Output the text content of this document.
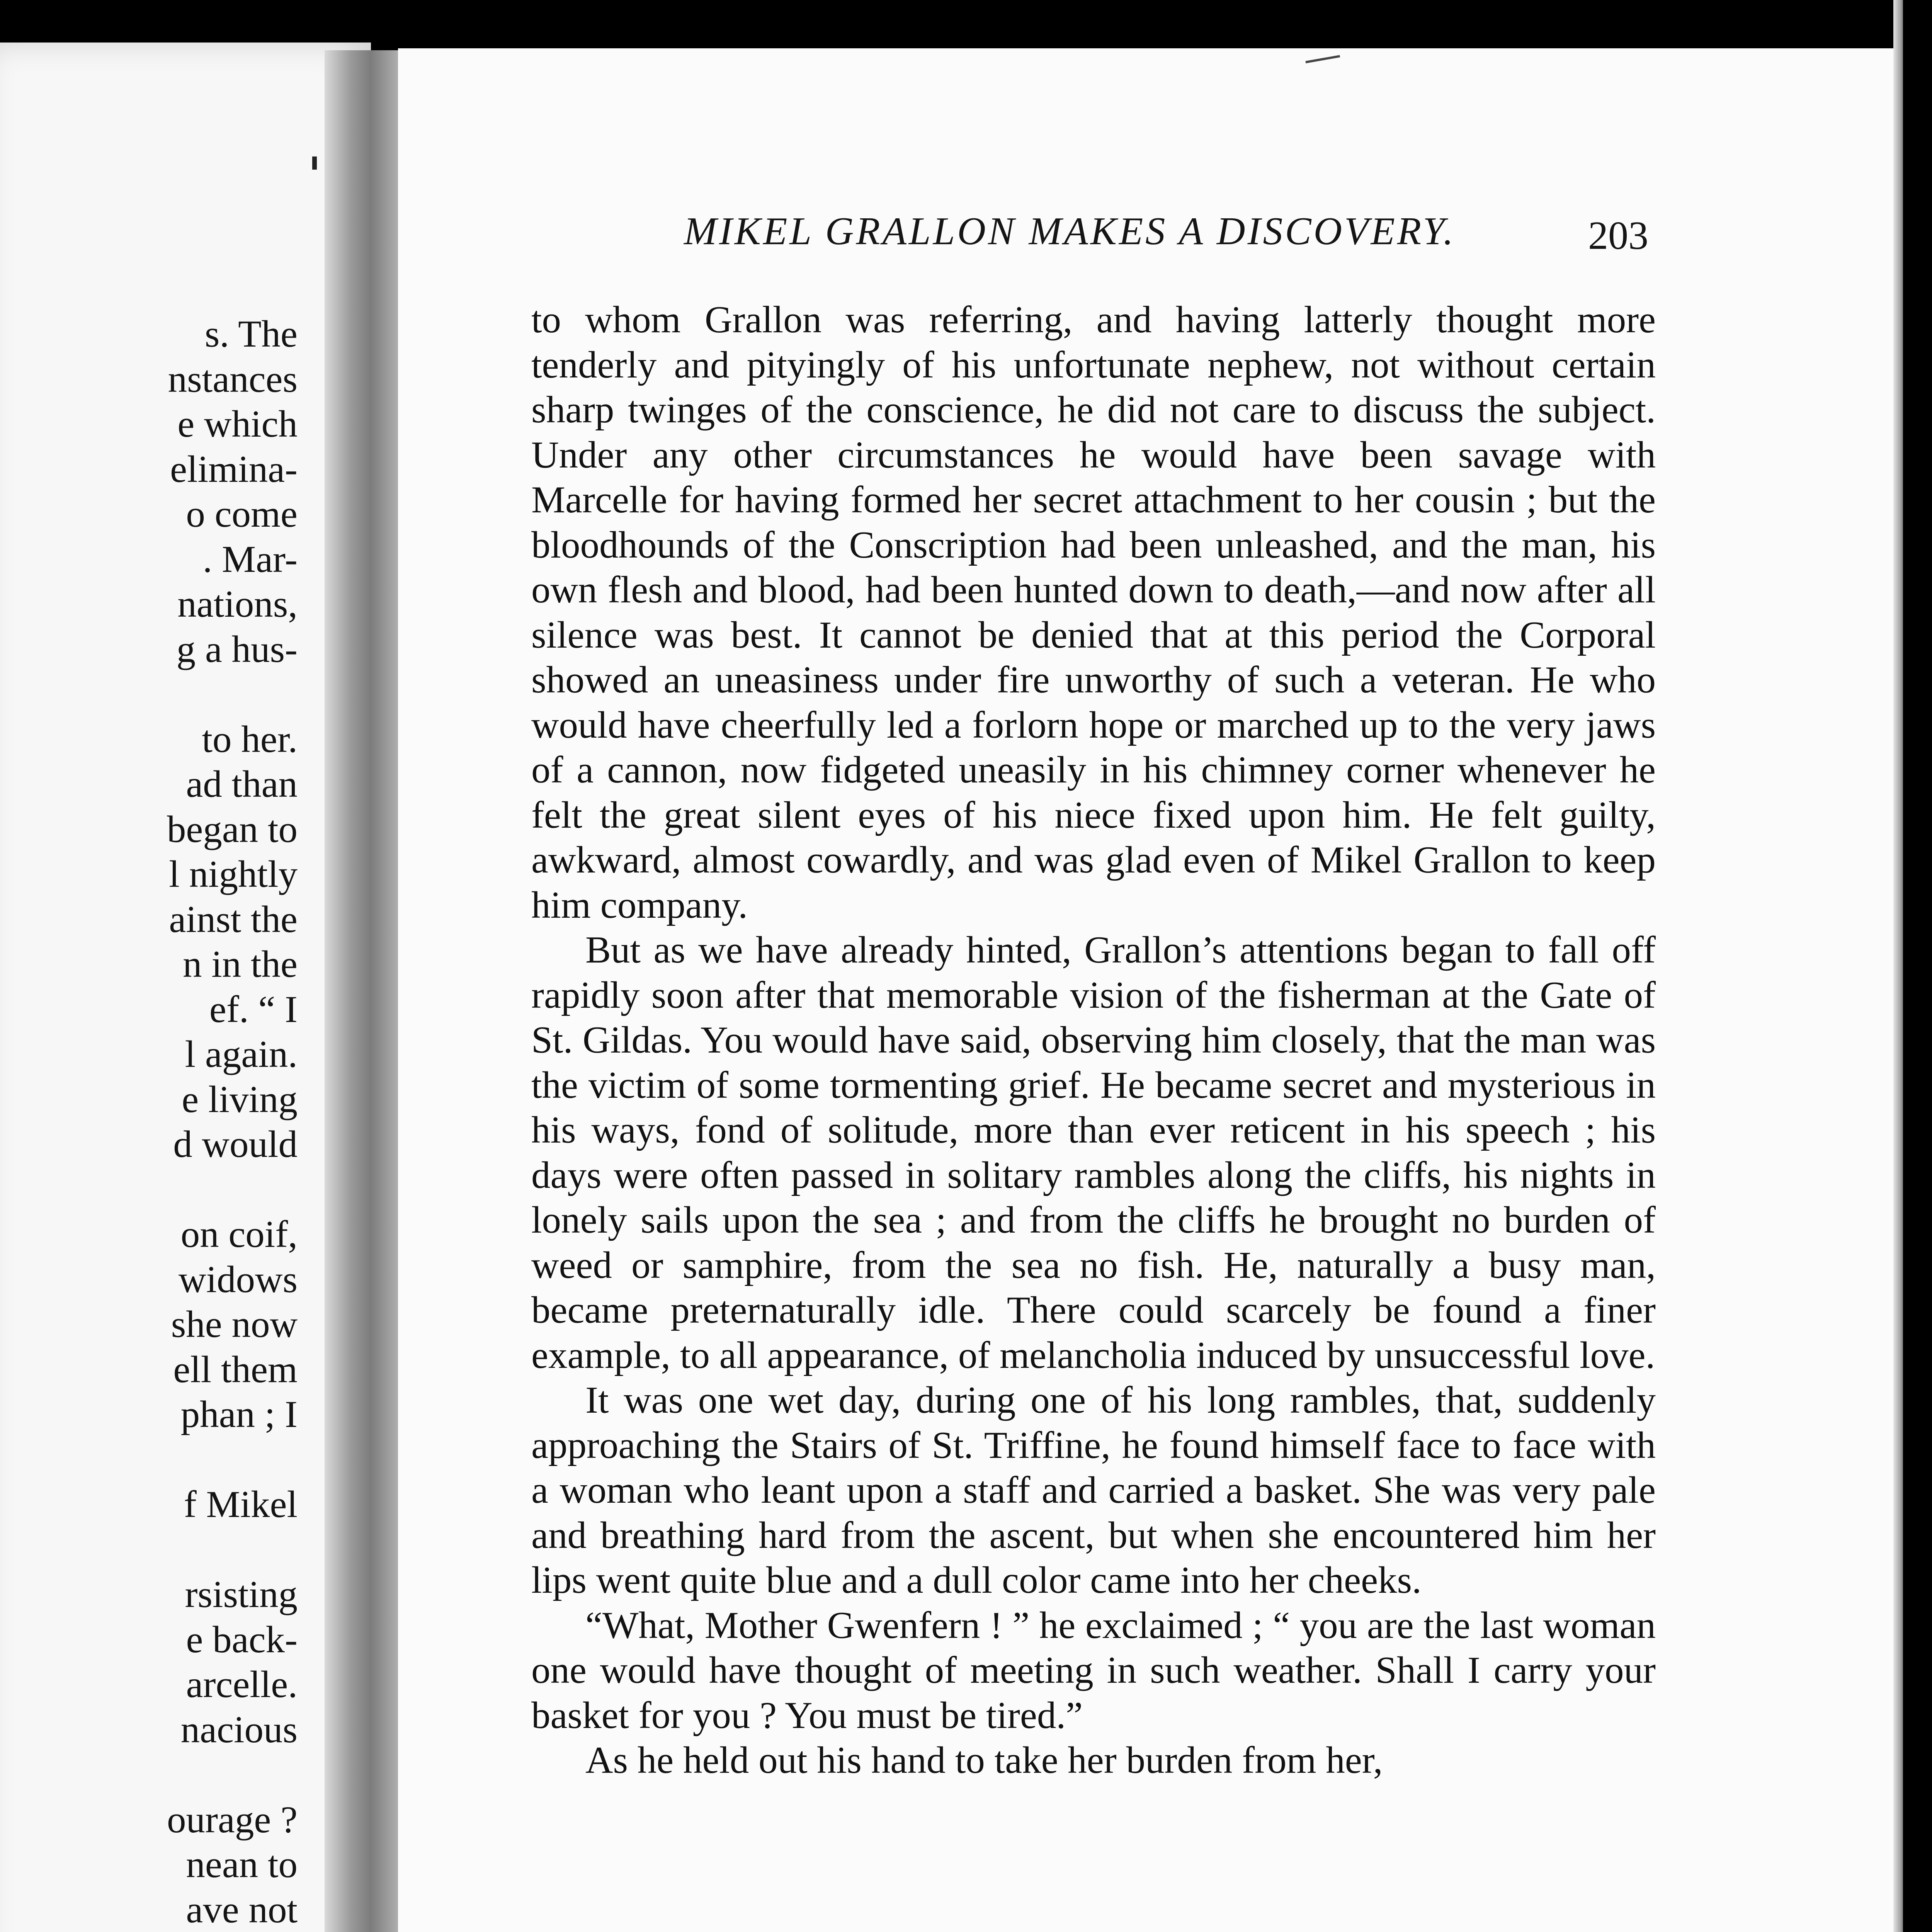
s. The
nstances
e which
elimina-
o come
. Mar-
nations,
g a hus-
to her.
ad than
began to
l nightly
ainst the
n in the
ef. “ I
l again.
e living
d would
on coif,
widows
she now
ell them
phan ; I
f Mikel
rsisting
e back-
arcelle.
nacious
ourage ?
nean to
ave not
MIKEL GRALLON MAKES A DISCOVERY.	203

to whom Grallon was referring, and having latterly thought more tenderly and pityingly of his unfortunate nephew, not without certain sharp twinges of the conscience, he did not care to discuss the subject. Under any other circumstances he would have been savage with Marcelle for having formed her secret attachment to her cousin ; but the bloodhounds of the Conscription had been unleashed, and the man, his own flesh and blood, had been hunted down to death,—and now after all silence was best. It cannot be denied that at this period the Corporal showed an uneasiness under fire unworthy of such a veteran. He who would have cheerfully led a forlorn hope or marched up to the very jaws of a cannon, now fidgeted uneasily in his chimney corner whenever he felt the great silent eyes of his niece fixed upon him. He felt guilty, awkward, almost cowardly, and was glad even of Mikel Grallon to keep him company.

But as we have already hinted, Grallon’s attentions began to fall off rapidly soon after that memorable vision of the fisherman at the Gate of St. Gildas. You would have said, observing him closely, that the man was the victim of some tormenting grief. He became secret and mysterious in his ways, fond of solitude, more than ever reticent in his speech ; his days were often passed in solitary rambles along the cliffs, his nights in lonely sails upon the sea ; and from the cliffs he brought no burden of weed or samphire, from the sea no fish. He, naturally a busy man, became preternaturally idle. There could scarcely be found a finer example, to all appearance, of melancholia induced by unsuccessful love.

It was one wet day, during one of his long rambles, that, suddenly approaching the Stairs of St. Triffine, he found himself face to face with a woman who leant upon a staff and carried a basket. She was very pale and breathing hard from the ascent, but when she encountered him her lips went quite blue and a dull color came into her cheeks.

“What, Mother Gwenfern ! ” he exclaimed ; “ you are the last woman one would have thought of meeting in such weather. Shall I carry your basket for you ? You must be tired.”

As he held out his hand to take her burden from her,
